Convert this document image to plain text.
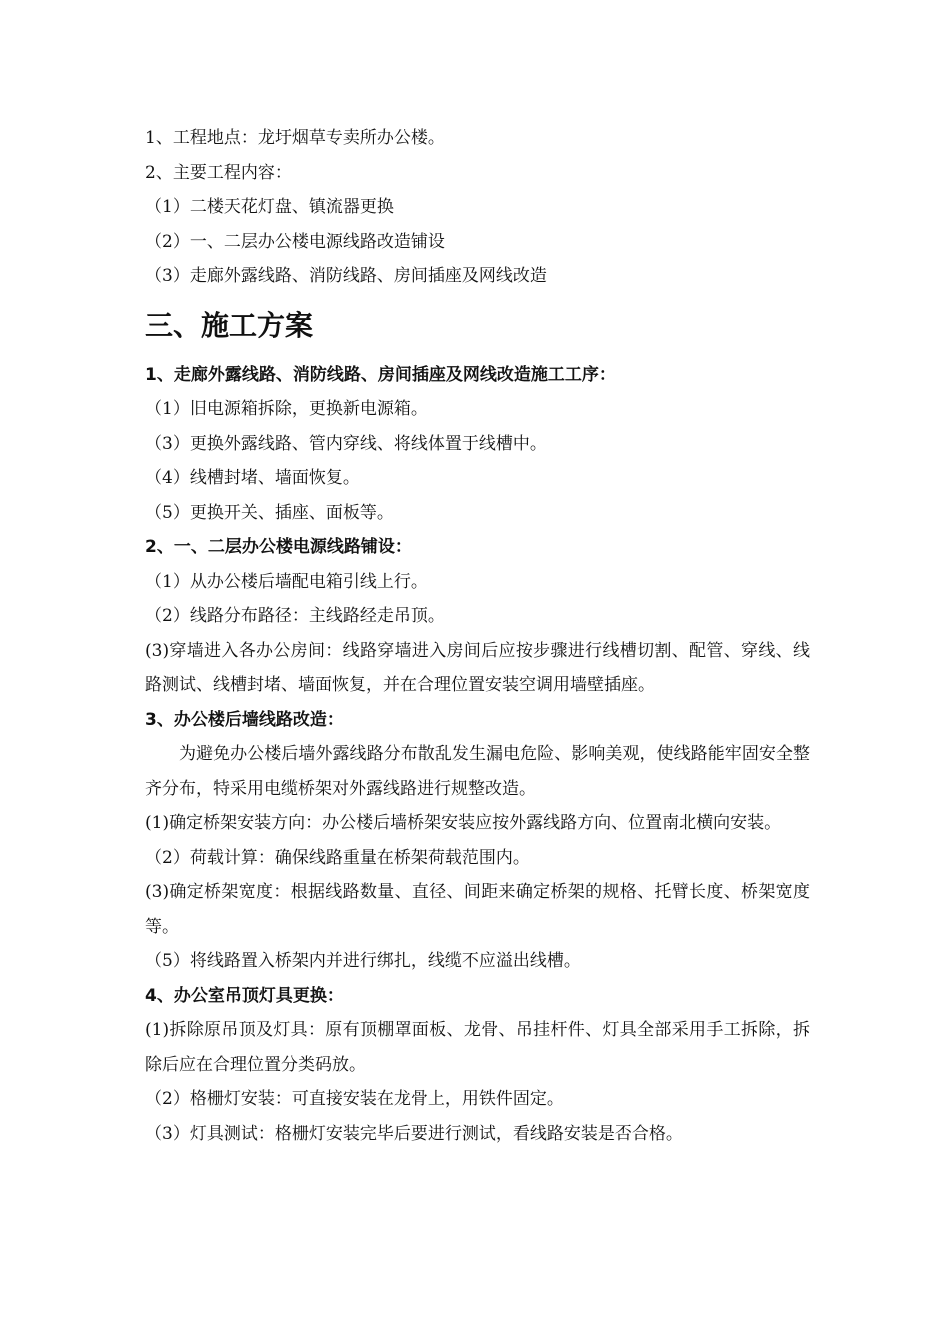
1、工程地点：龙圩烟草专卖所办公楼。

2、主要工程内容：

（1）二楼天花灯盘、镇流器更换

（2）一、二层办公楼电源线路改造铺设

（3）走廊外露线路、消防线路、房间插座及网线改造

三、施工方案

1、走廊外露线路、消防线路、房间插座及网线改造施工工序：

（1）旧电源箱拆除，更换新电源箱。

（3）更换外露线路、管内穿线、将线体置于线槽中。

（4）线槽封堵、墙面恢复。

（5）更换开关、插座、面板等。

2、一、二层办公楼电源线路铺设：

（1）从办公楼后墙配电箱引线上行。

（2）线路分布路径：主线路经走吊顶。

(3)穿墙进入各办公房间：线路穿墙进入房间后应按步骤进行线槽切割、配管、穿线、线路测试、线槽封堵、墙面恢复，并在合理位置安装空调用墙壁插座。

3、办公楼后墙线路改造：

为避免办公楼后墙外露线路分布散乱发生漏电危险、影响美观，使线路能牢固安全整齐分布，特采用电缆桥架对外露线路进行规整改造。

(1)确定桥架安装方向：办公楼后墙桥架安装应按外露线路方向、位置南北横向安装。

（2）荷载计算：确保线路重量在桥架荷载范围内。

(3)确定桥架宽度：根据线路数量、直径、间距来确定桥架的规格、托臂长度、桥架宽度等。

（5）将线路置入桥架内并进行绑扎，线缆不应溢出线槽。

4、办公室吊顶灯具更换：

(1)拆除原吊顶及灯具：原有顶棚罩面板、龙骨、吊挂杆件、灯具全部采用手工拆除，拆除后应在合理位置分类码放。

（2）格栅灯安装：可直接安装在龙骨上，用铁件固定。

（3）灯具测试：格栅灯安装完毕后要进行测试，看线路安装是否合格。
